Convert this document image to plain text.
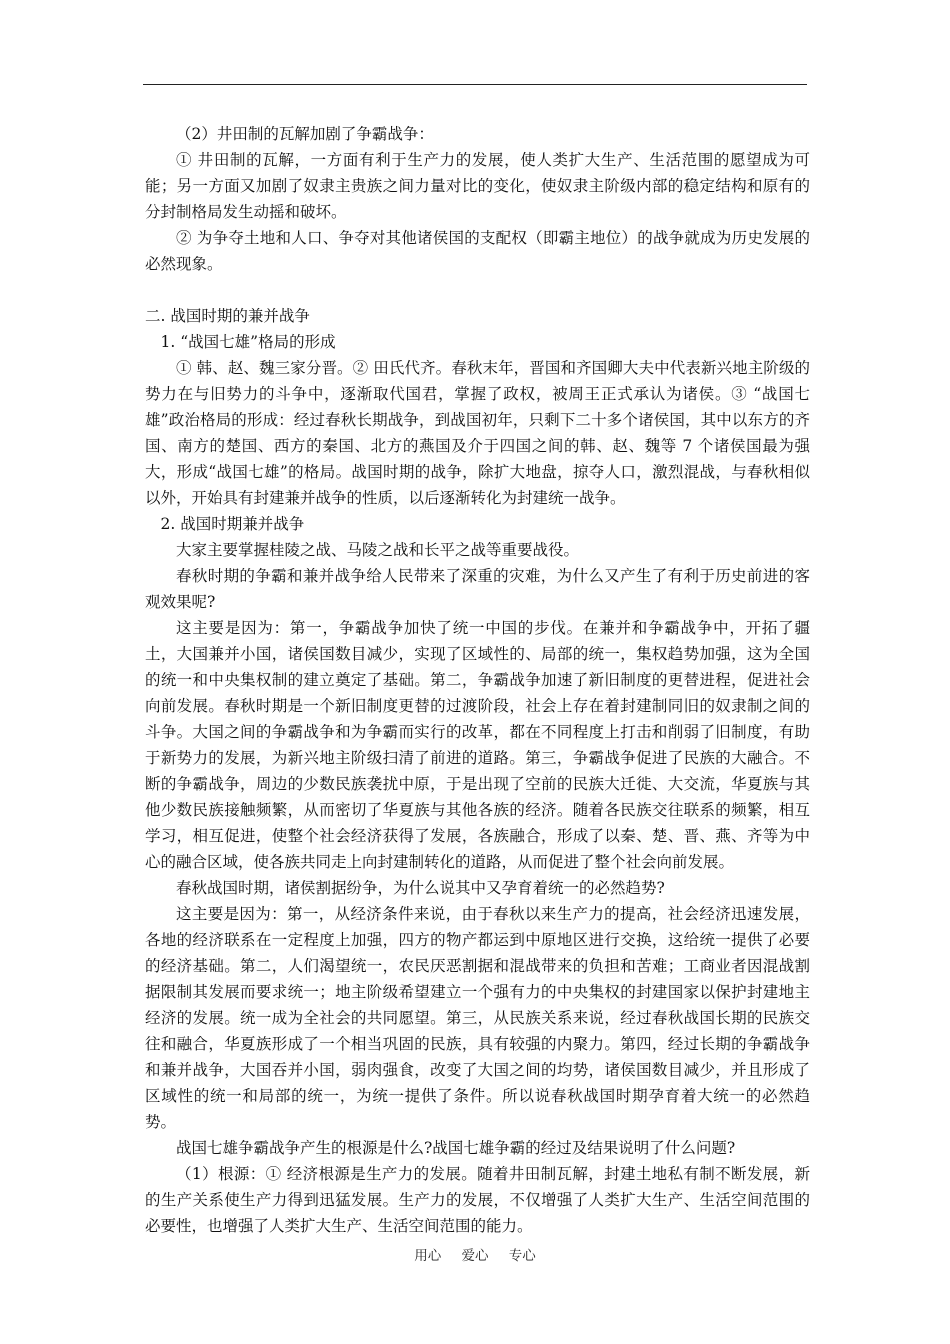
（2）井田制的瓦解加剧了争霸战争：

① 井田制的瓦解，一方面有利于生产力的发展，使人类扩大生产、生活范围的愿望成为可能；另一方面又加剧了奴隶主贵族之间力量对比的变化，使奴隶主阶级内部的稳定结构和原有的分封制格局发生动摇和破坏。

② 为争夺土地和人口、争夺对其他诸侯国的支配权（即霸主地位）的战争就成为历史发展的必然现象。

二. 战国时期的兼并战争

1. “战国七雄”格局的形成

① 韩、赵、魏三家分晋。② 田氏代齐。春秋末年，晋国和齐国卿大夫中代表新兴地主阶级的势力在与旧势力的斗争中，逐渐取代国君，掌握了政权，被周王正式承认为诸侯。③ “战国七雄”政治格局的形成：经过春秋长期战争，到战国初年，只剩下二十多个诸侯国，其中以东方的齐国、南方的楚国、西方的秦国、北方的燕国及介于四国之间的韩、赵、魏等 7 个诸侯国最为强大，形成“战国七雄”的格局。战国时期的战争，除扩大地盘，掠夺人口，激烈混战，与春秋相似以外，开始具有封建兼并战争的性质，以后逐渐转化为封建统一战争。

2. 战国时期兼并战争

大家主要掌握桂陵之战、马陵之战和长平之战等重要战役。

春秋时期的争霸和兼并战争给人民带来了深重的灾难，为什么又产生了有利于历史前进的客观效果呢?

这主要是因为：第一，争霸战争加快了统一中国的步伐。在兼并和争霸战争中，开拓了疆土，大国兼并小国，诸侯国数目减少，实现了区域性的、局部的统一，集权趋势加强，这为全国的统一和中央集权制的建立奠定了基础。第二，争霸战争加速了新旧制度的更替进程，促进社会向前发展。春秋时期是一个新旧制度更替的过渡阶段，社会上存在着封建制同旧的奴隶制之间的斗争。大国之间的争霸战争和为争霸而实行的改革，都在不同程度上打击和削弱了旧制度，有助于新势力的发展，为新兴地主阶级扫清了前进的道路。第三，争霸战争促进了民族的大融合。不断的争霸战争，周边的少数民族袭扰中原，于是出现了空前的民族大迁徙、大交流，华夏族与其他少数民族接触频繁，从而密切了华夏族与其他各族的经济。随着各民族交往联系的频繁，相互学习，相互促进，使整个社会经济获得了发展，各族融合，形成了以秦、楚、晋、燕、齐等为中心的融合区域，使各族共同走上向封建制转化的道路，从而促进了整个社会向前发展。

春秋战国时期，诸侯割据纷争，为什么说其中又孕育着统一的必然趋势?

这主要是因为：第一，从经济条件来说，由于春秋以来生产力的提高，社会经济迅速发展，各地的经济联系在一定程度上加强，四方的物产都运到中原地区进行交换，这给统一提供了必要的经济基础。第二，人们渴望统一，农民厌恶割据和混战带来的负担和苦难；工商业者因混战割据限制其发展而要求统一；地主阶级希望建立一个强有力的中央集权的封建国家以保护封建地主经济的发展。统一成为全社会的共同愿望。第三，从民族关系来说，经过春秋战国长期的民族交往和融合，华夏族形成了一个相当巩固的民族，具有较强的内聚力。第四，经过长期的争霸战争和兼并战争，大国吞并小国，弱肉强食，改变了大国之间的均势，诸侯国数目减少，并且形成了区域性的统一和局部的统一，为统一提供了条件。所以说春秋战国时期孕育着大统一的必然趋势。

战国七雄争霸战争产生的根源是什么?战国七雄争霸的经过及结果说明了什么问题?

（1）根源：① 经济根源是生产力的发展。随着井田制瓦解，封建土地私有制不断发展，新的生产关系使生产力得到迅猛发展。生产力的发展，不仅增强了人类扩大生产、生活空间范围的必要性，也增强了人类扩大生产、生活空间范围的能力。

用心 爱心 专心
